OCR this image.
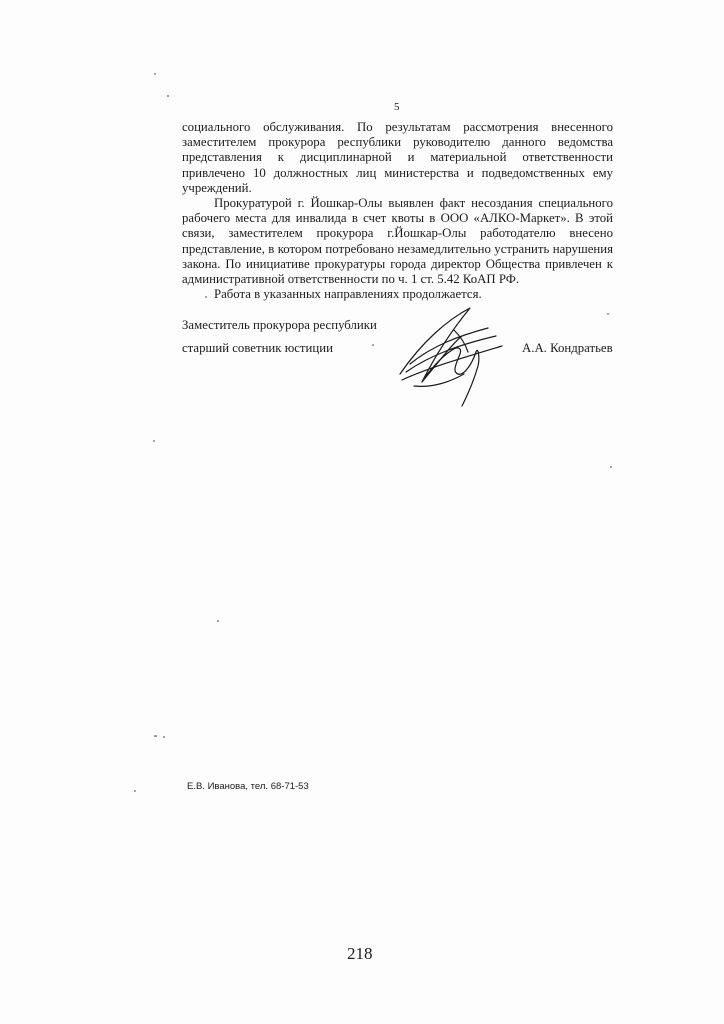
5

социального обслуживания. По результатам рассмотрения внесенного заместителем прокурора республики руководителю данного ведомства представления к дисциплинарной и материальной ответственности привлечено 10 должностных лиц министерства и подведомственных ему учреждений.

Прокуратурой г. Йошкар-Олы выявлен факт несоздания специального рабочего места для инвалида в счет квоты в ООО «АЛКО-Маркет». В этой связи, заместителем прокурора г.Йошкар-Олы работодателю внесено представление, в котором потребовано незамедлительно устранить нарушения закона. По инициативе прокуратуры города директор Общества привлечен к административной ответственности по ч. 1 ст. 5.42 КоАП РФ.

Работа в указанных направлениях продолжается.

Заместитель прокурора республики
старший советник юстиции	А.А. Кондратьев
Е.В. Иванова, тел. 68-71-53
218
